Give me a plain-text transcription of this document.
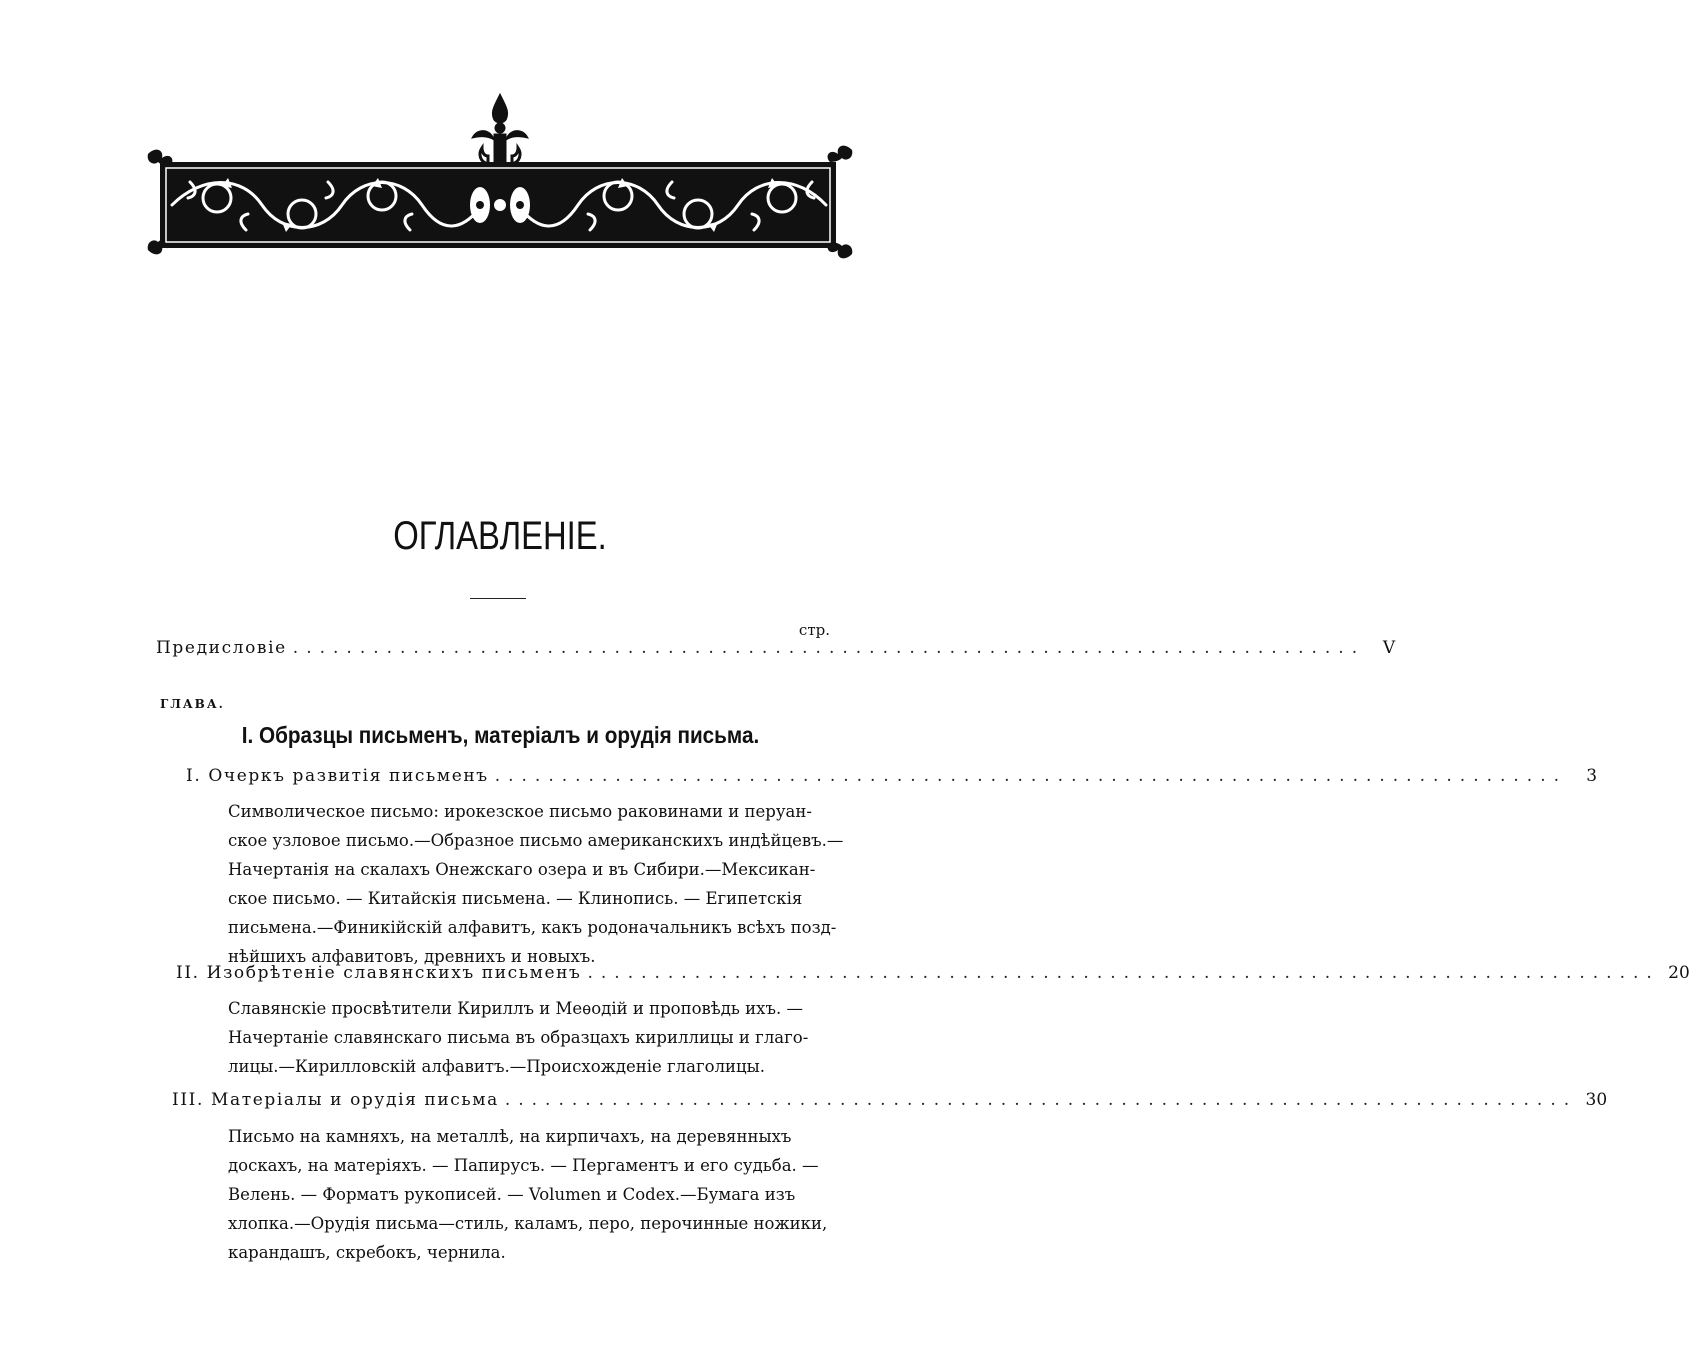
ОГЛАВЛЕНІЕ.
стр.
Предисловіе ................................................................................	V
ГЛАВА.
I. Образцы письменъ, матеріалъ и орудія письма.
I. Очеркъ развитія письменъ ................................................................................	3
Символическое письмо: ирокезское письмо раковинами и перуан-
ское узловое письмо.—Образное письмо американскихъ индѣйцевъ.—
Начертанія на скалахъ Онежскаго озера и въ Сибири.—Мексикан-
ское письмо. — Китайскія письмена. — Клинопись. — Египетскія
письмена.—Финикійскій алфавитъ, какъ родоначальникъ всѣхъ позд-
нѣйшихъ алфавитовъ, древнихъ и новыхъ.
II. Изобрѣтеніе славянскихъ письменъ ................................................................................ 20
Славянскіе просвѣтители Кириллъ и Меѳодій и проповѣдь ихъ. —
Начертаніе славянскаго письма въ образцахъ кириллицы и глаго-
лицы.—Кирилловскій алфавитъ.—Происхожденіе глаголицы.
III. Матеріалы и орудія письма ................................................................................ 30
Письмо на камняхъ, на металлѣ, на кирпичахъ, на деревянныхъ
доскахъ, на матеріяхъ. — Папирусъ. — Пергаментъ и его судьба. —
Велень. — Форматъ рукописей. — Volumen и Codex.—Бумага изъ
хлопка.—Орудія письма—стиль, каламъ, перо, перочинные ножики,
карандашъ, скребокъ, чернила.
